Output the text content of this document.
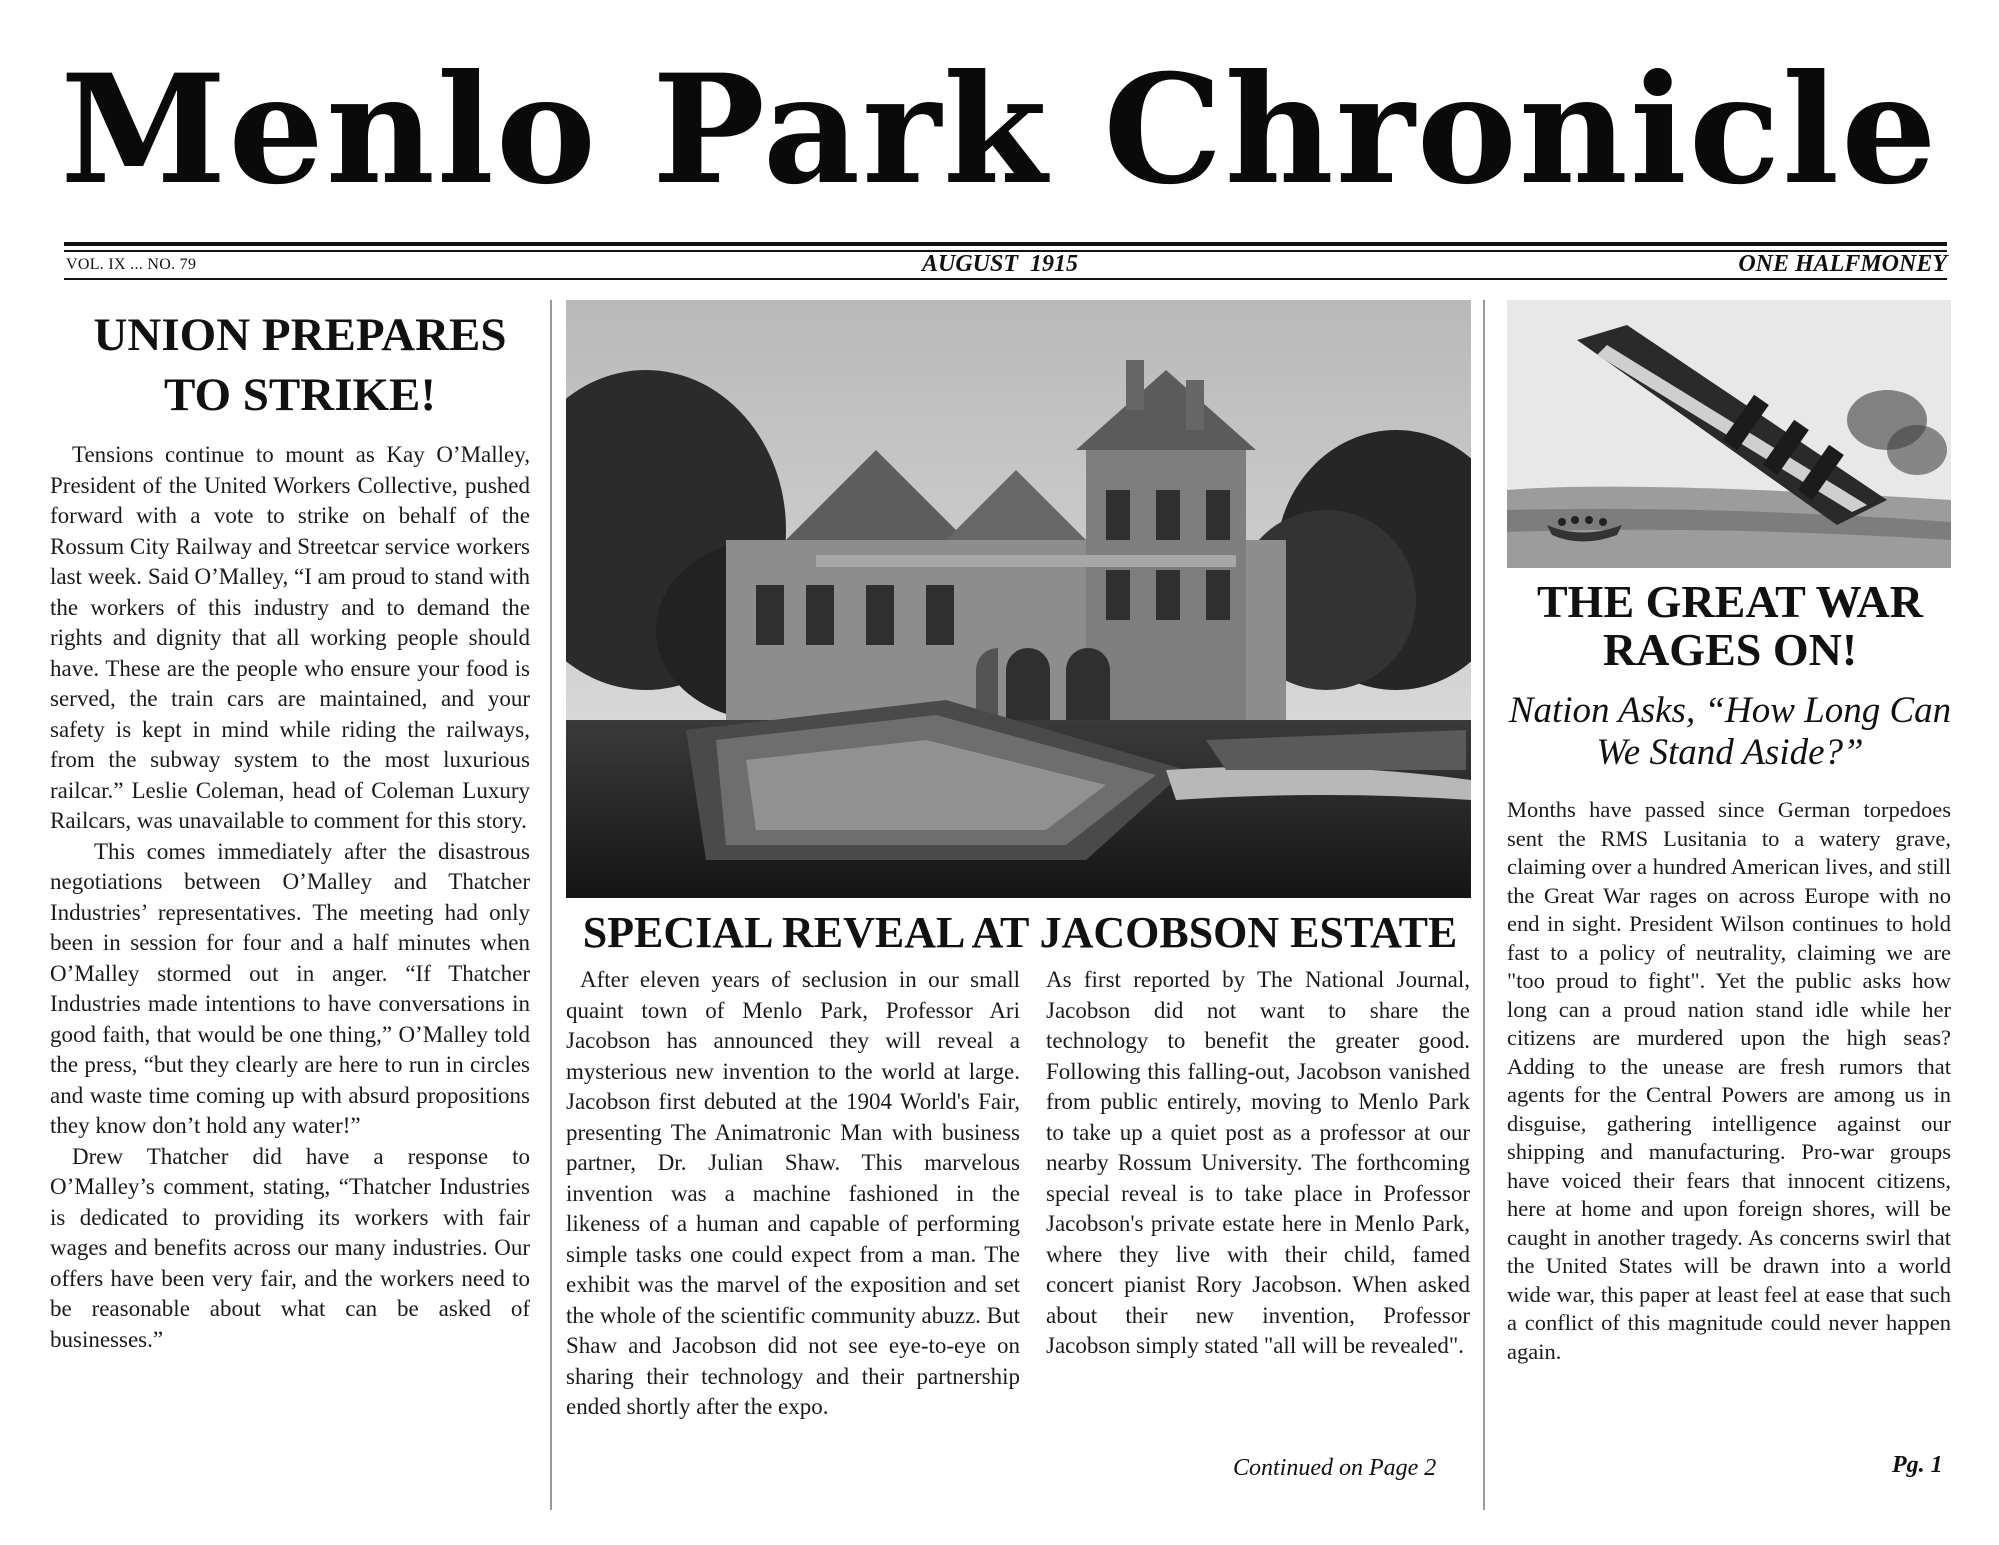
Menlo Park Chronicle
VOL. IX ... NO. 79	AUGUST  1915	ONE HALFMONEY
UNION PREPARES
TO STRIKE!

Tensions continue to mount as Kay O’Malley, President of the United Workers Collective, pushed forward with a vote to strike on behalf of the Rossum City Railway and Streetcar service workers last week. Said O’Malley, “I am proud to stand with the workers of this industry and to demand the rights and dignity that all working people should have. These are the people who ensure your food is served, the train cars are maintained, and your safety is kept in mind while riding the railways, from the subway system to the most luxurious railcar.” Leslie Coleman, head of Coleman Luxury Railcars, was unavailable to comment for this story.

This comes immediately after the disastrous negotiations between O’Malley and Thatcher Industries’ representatives. The meeting had only been in session for four and a half minutes when O’Malley stormed out in anger. “If Thatcher Industries made intentions to have conversations in good faith, that would be one thing,” O’Malley told the press, “but they clearly are here to run in circles and waste time coming up with absurd propositions they know don’t hold any water!”

Drew Thatcher did have a response to O’Malley’s comment, stating, “Thatcher Industries is dedicated to providing its workers with fair wages and benefits across our many industries. Our offers have been very fair, and the workers need to be reasonable about what can be asked of businesses.”

SPECIAL REVEAL AT JACOBSON ESTATE
After eleven years of seclusion in our small quaint town of Menlo Park, Professor Ari Jacobson has announced they will reveal a mysterious new invention to the world at large. Jacobson first debuted at the 1904 World's Fair, presenting The Animatronic Man with business partner, Dr. Julian Shaw. This marvelous invention was a machine fashioned in the likeness of a human and capable of performing simple tasks one could expect from a man. The exhibit was the marvel of the exposition and set the whole of the scientific community abuzz. But Shaw and Jacobson did not see eye-to-eye on sharing their technology and their partnership ended shortly after the expo.
As first reported by The National Journal, Jacobson did not want to share the technology to benefit the greater good. Following this falling-out, Jacobson vanished from public entirely, moving to Menlo Park to take up a quiet post as a professor at our nearby Rossum University. The forthcoming special reveal is to take place in Professor Jacobson's private estate here in Menlo Park, where they live with their child, famed concert pianist Rory Jacobson. When asked about their new invention, Professor Jacobson simply stated "all will be revealed".
Continued on Page 2
THE GREAT WAR
RAGES ON!
Nation Asks, “How Long Can
We Stand Aside?”
Months have passed since German torpedoes sent the RMS Lusitania to a watery grave, claiming over a hundred American lives, and still the Great War rages on across Europe with no end in sight. President Wilson continues to hold fast to a policy of neutrality, claiming we are "too proud to fight". Yet the public asks how long can a proud nation stand idle while her citizens are murdered upon the high seas? Adding to the unease are fresh rumors that agents for the Central Powers are among us in disguise, gathering intelligence against our shipping and manufacturing. Pro-war groups have voiced their fears that innocent citizens, here at home and upon foreign shores, will be caught in another tragedy. As concerns swirl that the United States will be drawn into a world wide war, this paper at least feel at ease that such a conflict of this magnitude could never happen again.
Pg. 1
